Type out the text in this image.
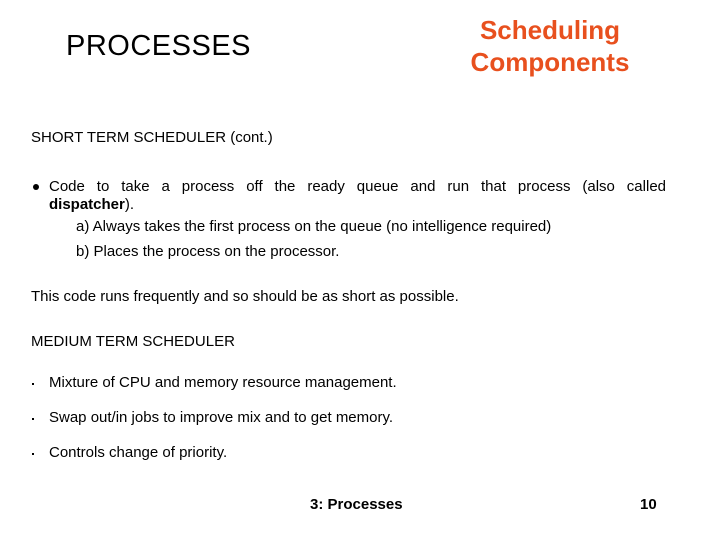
PROCESSES	Scheduling
Components
SHORT TERM SCHEDULER (cont.)
Code to take a process off the ready queue and run that process (also called
dispatcher).
a) Always takes the first process on the queue (no intelligence required)
b) Places the process on the processor.
This code runs frequently and so should be as short as possible.
MEDIUM TERM SCHEDULER
Mixture of CPU and memory resource management.
Swap out/in jobs to improve mix and to get memory.
Controls change of priority.
3: Processes	10
